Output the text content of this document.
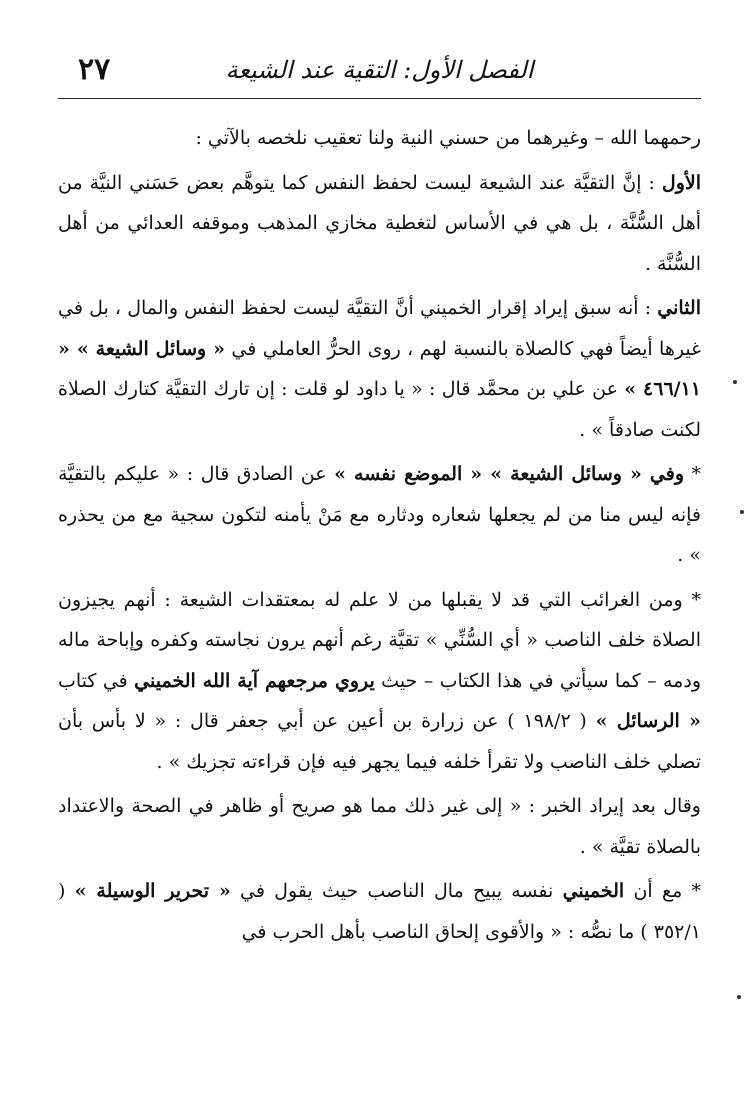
٢٧	الفصل الأول: التقية عند الشيعة

رحمهما الله – وغيرهما من حسني النية ولنا تعقيب نلخصه بالآتي :

الأول : إنَّ التقيَّة عند الشيعة ليست لحفظ النفس كما يتوهَّم بعض حَسَني النيَّة من أهل السُّنَّة ، بل هي في الأساس لتغطية مخازي المذهب وموقفه العدائي من أهل السُّنَّة .

الثاني : أنه سبق إيراد إقرار الخميني أنَّ التقيَّة ليست لحفظ النفس والمال ، بل في غيرها أيضاً فهي كالصلاة بالنسبة لهم ، روى الحرُّ العاملي في « وسائل الشيعة » « ٤٦٦/١١ » عن علي بن محمَّد قال : « يا داود لو قلت : إن تارك التقيَّة كتارك الصلاة لكنت صادقاً » .

* وفي « وسائل الشيعة » « الموضع نفسه » عن الصادق قال : « عليكم بالتقيَّة فإنه ليس منا من لم يجعلها شعاره ودثاره مع مَنْ يأمنه لتكون سجية مع من يحذره » .

* ومن الغرائب التي قد لا يقبلها من لا علم له بمعتقدات الشيعة : أنهم يجيزون الصلاة خلف الناصب « أي السُّنِّي » تقيَّة رغم أنهم يرون نجاسته وكفره وإباحة ماله ودمه – كما سيأتي في هذا الكتاب – حيث يروي مرجعهم آية الله الخميني في كتاب « الرسائل » ( ١٩٨/٢ ) عن زرارة بن أعين عن أبي جعفر قال : « لا بأس بأن تصلي خلف الناصب ولا تقرأ خلفه فيما يجهر فيه فإن قراءته تجزيك » .

وقال بعد إيراد الخبر : « إلى غير ذلك مما هو صريح أو ظاهر في الصحة والاعتداد بالصلاة تقيَّة » .

* مع أن الخميني نفسه يبيح مال الناصب حيث يقول في « تحرير الوسيلة » ( ٣٥٢/١ ) ما نصُّه : « والأقوى إلحاق الناصب بأهل الحرب في
